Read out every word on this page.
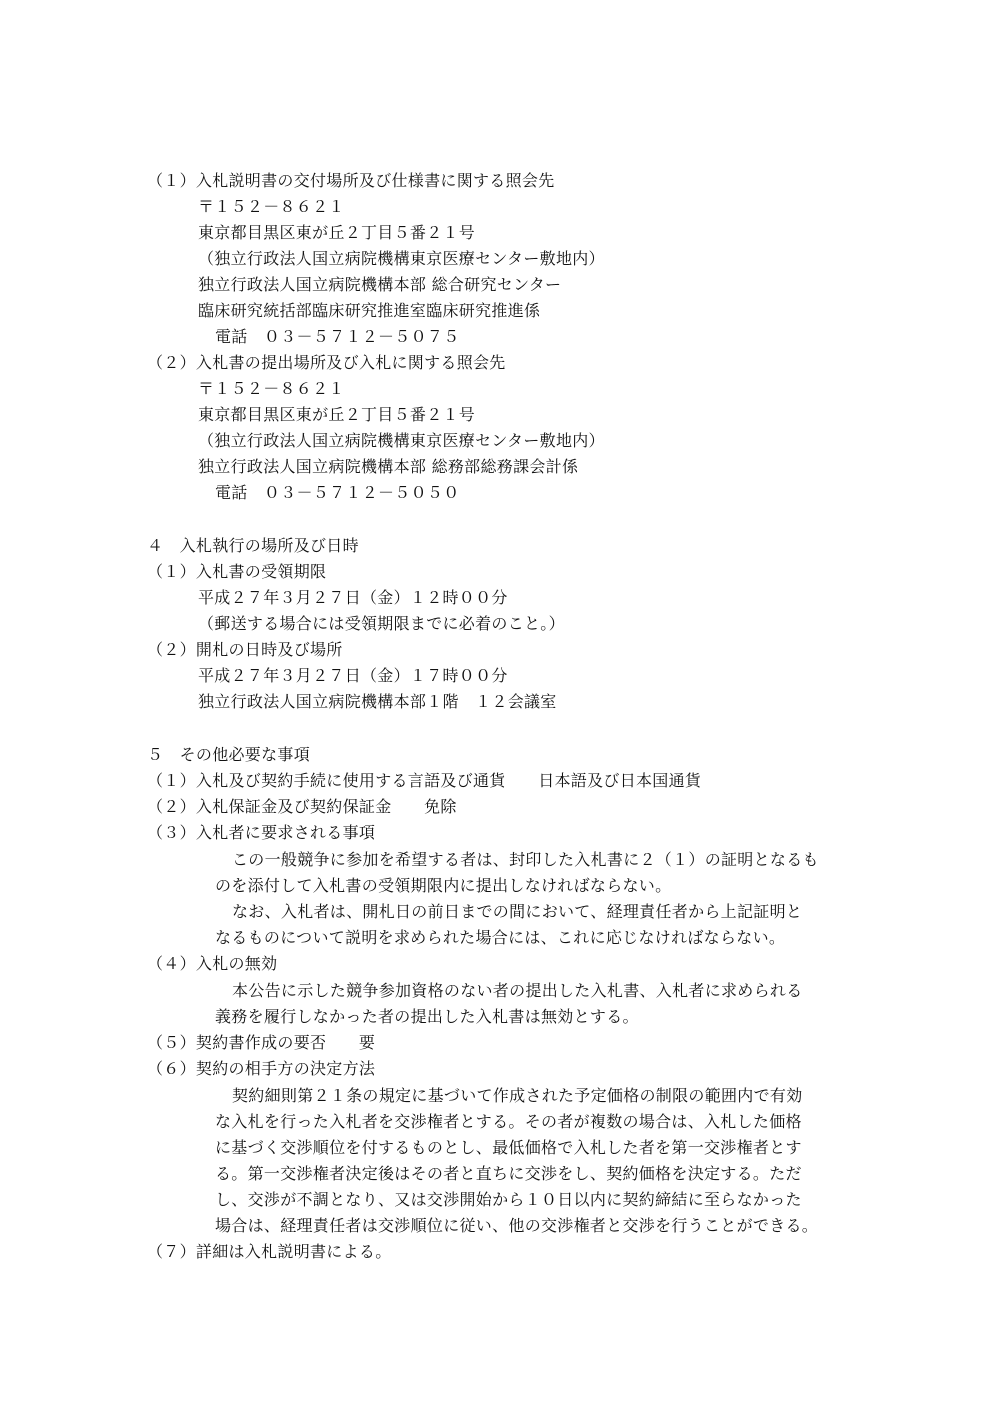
（１）入札説明書の交付場所及び仕様書に関する照会先
〒１５２－８６２１
東京都目黒区東が丘２丁目５番２１号
（独立行政法人国立病院機構東京医療センター敷地内）
独立行政法人国立病院機構本部 総合研究センター
臨床研究統括部臨床研究推進室臨床研究推進係
電話　０３－５７１２－５０７５
（２）入札書の提出場所及び入札に関する照会先
〒１５２－８６２１
東京都目黒区東が丘２丁目５番２１号
（独立行政法人国立病院機構東京医療センター敷地内）
独立行政法人国立病院機構本部 総務部総務課会計係
電話　０３－５７１２－５０５０
４　入札執行の場所及び日時
（１）入札書の受領期限
平成２７年３月２７日（金）１２時００分
（郵送する場合には受領期限までに必着のこと。）
（２）開札の日時及び場所
平成２７年３月２７日（金）１７時００分
独立行政法人国立病院機構本部１階　１２会議室
５　その他必要な事項
（１）入札及び契約手続に使用する言語及び通貨　　日本語及び日本国通貨
（２）入札保証金及び契約保証金　　免除
（３）入札者に要求される事項
この一般競争に参加を希望する者は、封印した入札書に２（１）の証明となるも
のを添付して入札書の受領期限内に提出しなければならない。
なお、入札者は、開札日の前日までの間において、経理責任者から上記証明と
なるものについて説明を求められた場合には、これに応じなければならない。
（４）入札の無効
本公告に示した競争参加資格のない者の提出した入札書、入札者に求められる
義務を履行しなかった者の提出した入札書は無効とする。
（５）契約書作成の要否　　要
（６）契約の相手方の決定方法
契約細則第２１条の規定に基づいて作成された予定価格の制限の範囲内で有効
な入札を行った入札者を交渉権者とする。その者が複数の場合は、入札した価格
に基づく交渉順位を付するものとし、最低価格で入札した者を第一交渉権者とす
る。第一交渉権者決定後はその者と直ちに交渉をし、契約価格を決定する。ただ
し、交渉が不調となり、又は交渉開始から１０日以内に契約締結に至らなかった
場合は、経理責任者は交渉順位に従い、他の交渉権者と交渉を行うことができる。
（７）詳細は入札説明書による。
